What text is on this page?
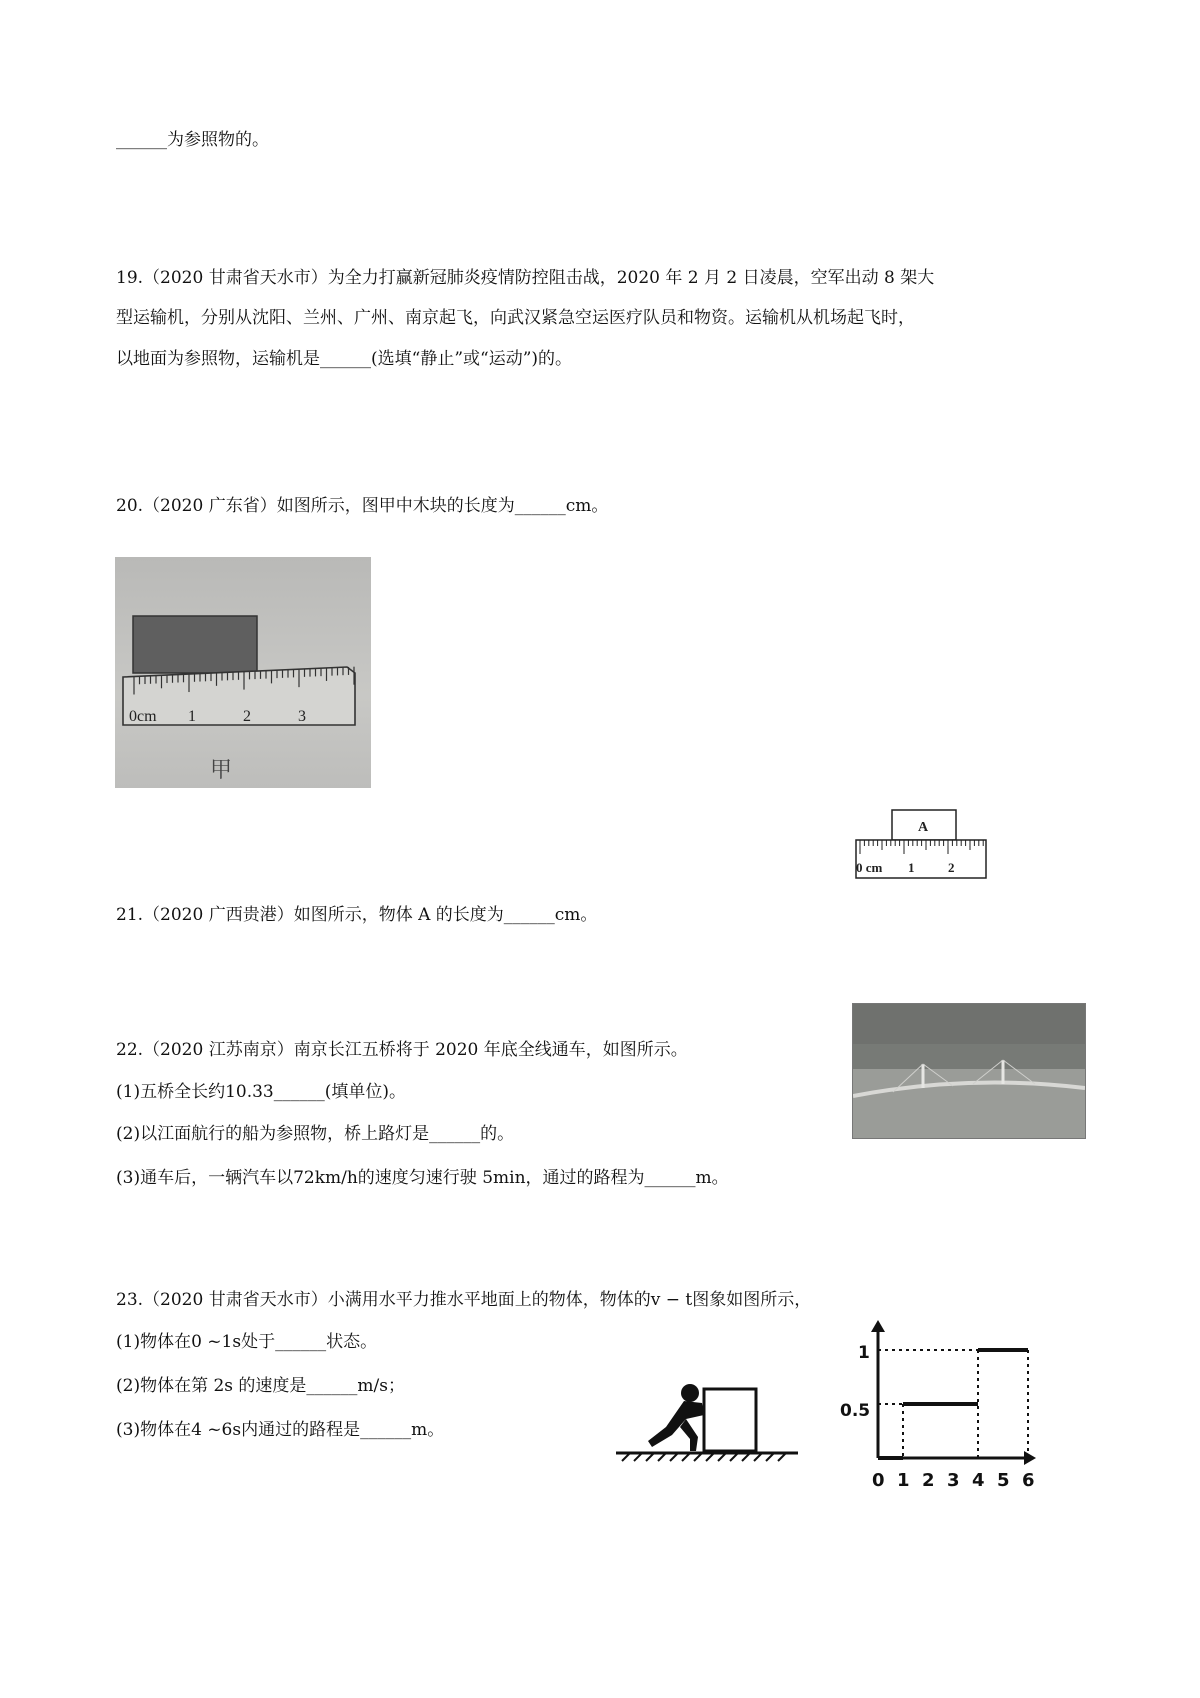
______为参照物的。
19.（2020 甘肃省天水市）为全力打赢新冠肺炎疫情防控阻击战，2020 年 2 月 2 日凌晨，空军出动 8 架大
型运输机，分别从沈阳、兰州、广州、南京起飞，向武汉紧急空运医疗队员和物资。运输机从机场起飞时，
以地面为参照物，运输机是______(选填“静止”或“运动”)的。
20.（2020 广东省）如图所示，图甲中木块的长度为______cm。
21.（2020 广西贵港）如图所示，物体 A 的长度为______cm。
22.（2020 江苏南京）南京长江五桥将于 2020 年底全线通车，如图所示。
(1)五桥全长约10.33______(填单位)。
(2)以江面航行的船为参照物，桥上路灯是______的。
(3)通车后，一辆汽车以72km/h的速度匀速行驶 5min，通过的路程为______m。
23.（2020 甘肃省天水市）小满用水平力推水平地面上的物体，物体的v − t图象如图所示，
(1)物体在0 ~1s处于______状态。
(2)物体在第 2s 的速度是______m/s；
(3)物体在4 ~6s内通过的路程是______m。
0cm 1	2	3
甲
A
0 cm 1	2
1
0.5
0 1 2 3 4 5 6
